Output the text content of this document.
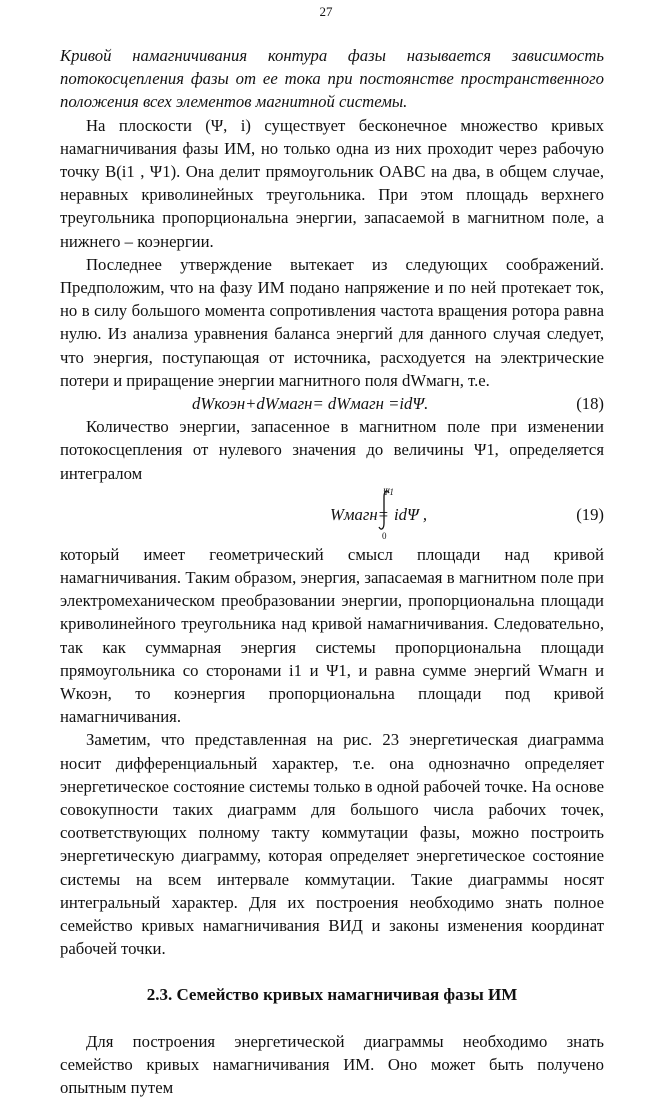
27

Кривой намагничивания контура фазы называется зависимость потокосцепления фазы от ее тока при постоянстве пространственного положения всех элементов магнитной системы.

На плоскости (Ψ, i) существует бесконечное множество кривых намагничивания фазы ИМ, но только одна из них проходит через рабочую точку B(i1 , Ψ1). Она делит прямоугольник OABC на два, в общем случае, неравных криволинейных треугольника. При этом площадь верхнего треугольника пропорциональна энергии, запасаемой в магнитном поле, а нижнего – коэнергии.

Последнее утверждение вытекает из следующих соображений. Предположим, что на фазу ИМ подано напряжение и по ней протекает ток, но в силу большого момента сопротивления частота вращения ротора равна нулю. Из анализа уравнения баланса энергий для данного случая следует, что энергия, поступающая от источника, расходуется на электрические потери и приращение энергии магнитного поля dWмагн, т.е.

dWкоэн+dWмагн= dWмагн =idΨ.	(18)

Количество энергии, запасенное в магнитном поле при изменении потокосцепления от нулевого значения до величины Ψ1, определяется интегралом

Wмагн=
Ψ1
0
idΨ ,	(19)

который имеет геометрический смысл площади над кривой намагничивания. Таким образом, энергия, запасаемая в магнитном поле при электромеханическом преобразовании энергии, пропорциональна площади криволинейного треугольника над кривой намагничивания. Следовательно, так как суммарная энергия системы пропорциональна площади прямоугольника со сторонами i1 и Ψ1, и равна сумме энергий Wмагн и Wкоэн, то коэнергия пропорциональна площади под кривой намагничивания.

Заметим, что представленная на рис. 23 энергетическая диаграмма носит дифференциальный характер, т.е. она однозначно определяет энергетическое состояние системы только в одной рабочей точке. На основе совокупности таких диаграмм для большого числа рабочих точек, соответствующих полному такту коммутации фазы, можно построить энергетическую диаграмму, которая определяет энергетическое состояние системы на всем интервале коммутации. Такие диаграммы носят интегральный характер. Для их построения необходимо знать полное семейство кривых намагничивания ВИД и законы изменения координат рабочей точки.

2.3. Семейство кривых намагничивая фазы ИМ

Для построения энергетической диаграммы необходимо знать семейство кривых намагничивания ИМ. Оно может быть получено опытным путем
